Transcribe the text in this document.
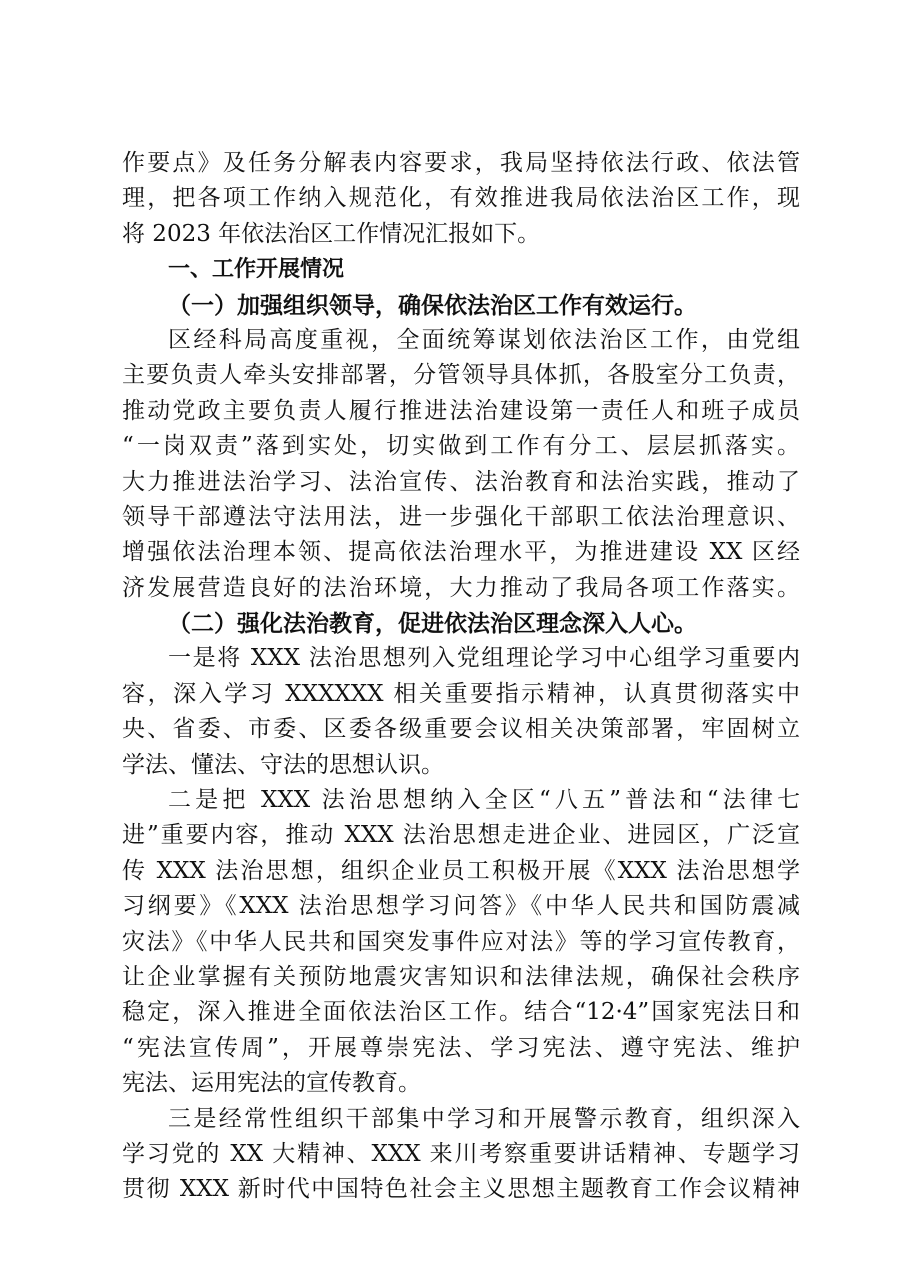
作要点》及任务分解表内容要求，我局坚持依法行政、依法管
理，把各项工作纳入规范化，有效推进我局依法治区工作，现
将 2023 年依法治区工作情况汇报如下。
一、工作开展情况
（一）加强组织领导，确保依法治区工作有效运行。
区经科局高度重视，全面统筹谋划依法治区工作，由党组
主要负责人牵头安排部署，分管领导具体抓，各股室分工负责，
推动党政主要负责人履行推进法治建设第一责任人和班子成员
“一岗双责”落到实处，切实做到工作有分工、层层抓落实。
大力推进法治学习、法治宣传、法治教育和法治实践，推动了
领导干部遵法守法用法，进一步强化干部职工依法治理意识、
增强依法治理本领、提高依法治理水平，为推进建设 XX 区经
济发展营造良好的法治环境，大力推动了我局各项工作落实。
（二）强化法治教育，促进依法治区理念深入人心。
一是将 XXX 法治思想列入党组理论学习中心组学习重要内
容，深入学习 XXXXXX 相关重要指示精神，认真贯彻落实中
央、省委、市委、区委各级重要会议相关决策部署，牢固树立
学法、懂法、守法的思想认识。
二是把 XXX 法治思想纳入全区“八五”普法和“法律七
进”重要内容，推动 XXX 法治思想走进企业、进园区，广泛宣
传 XXX 法治思想，组织企业员工积极开展《XXX 法治思想学
习纲要》《XXX 法治思想学习问答》《中华人民共和国防震减
灾法》《中华人民共和国突发事件应对法》等的学习宣传教育，
让企业掌握有关预防地震灾害知识和法律法规，确保社会秩序
稳定，深入推进全面依法治区工作。结合“12·4”国家宪法日和
“宪法宣传周”，开展尊崇宪法、学习宪法、遵守宪法、维护
宪法、运用宪法的宣传教育。
三是经常性组织干部集中学习和开展警示教育，组织深入
学习党的 XX 大精神、XXX 来川考察重要讲话精神、专题学习
贯彻 XXX 新时代中国特色社会主义思想主题教育工作会议精神
